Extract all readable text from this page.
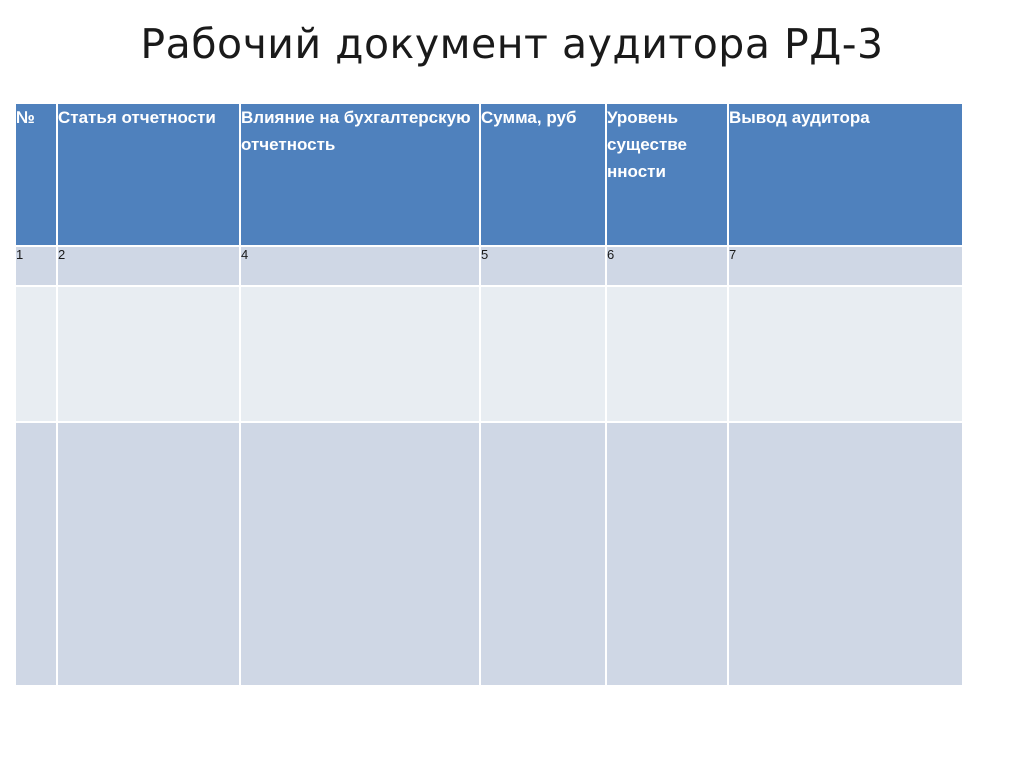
Рабочий документ аудитора РД-3
№	Статья отчетности	Влияние на бухгалтерскую отчетность	Сумма, руб	Уровень существе нности	Вывод аудитора
1	2	4	5	6	7
